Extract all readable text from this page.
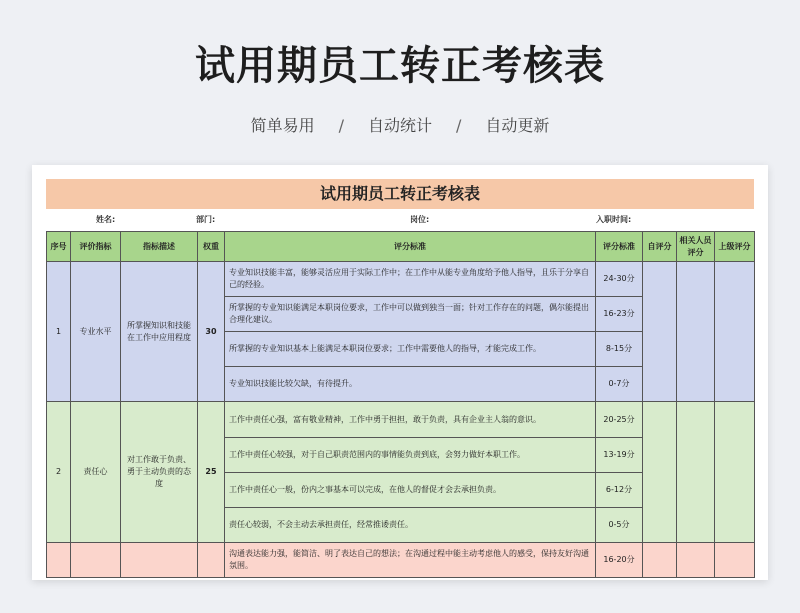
试用期员工转正考核表
简单易用 / 自动统计 / 自动更新
试用期员工转正考核表
姓名:	部门:	岗位:	入职时间:
序号	评价指标	指标描述	权重	评分标准	评分标准	自评分	相关人员评分	上级评分
1	专业水平	所掌握知识和技能在工作中应用程度	30	专业知识技能丰富，能够灵活应用于实际工作中；在工作中从能专业角度给予他人指导，且乐于分享自己的经验。	24-30分			
				所掌握的专业知识能满足本职岗位要求，工作中可以做到独当一面；针对工作存在的问题，偶尔能提出合理化建议。	16-23分			
				所掌握的专业知识基本上能满足本职岗位要求；工作中需要他人的指导，才能完成工作。	8-15分			
				专业知识技能比较欠缺，有待提升。	0-7分			
2	责任心	对工作敢于负责、勇于主动负责的态度	25	工作中责任心强，富有敬业精神，工作中勇于担担，敢于负责，具有企业主人翁的意识。	20-25分			
				工作中责任心较强，对于自己职责范围内的事情能负责到底，会努力做好本职工作。	13-19分			
				工作中责任心一般，份内之事基本可以完成，在他人的督促才会去承担负责。	6-12分			
				责任心较弱，不会主动去承担责任，经常推诿责任。	0-5分			
				沟通表达能力强，能简洁、明了表达自己的想法；在沟通过程中能主动考虑他人的感受，保持友好沟通氛围。	16-20分			
